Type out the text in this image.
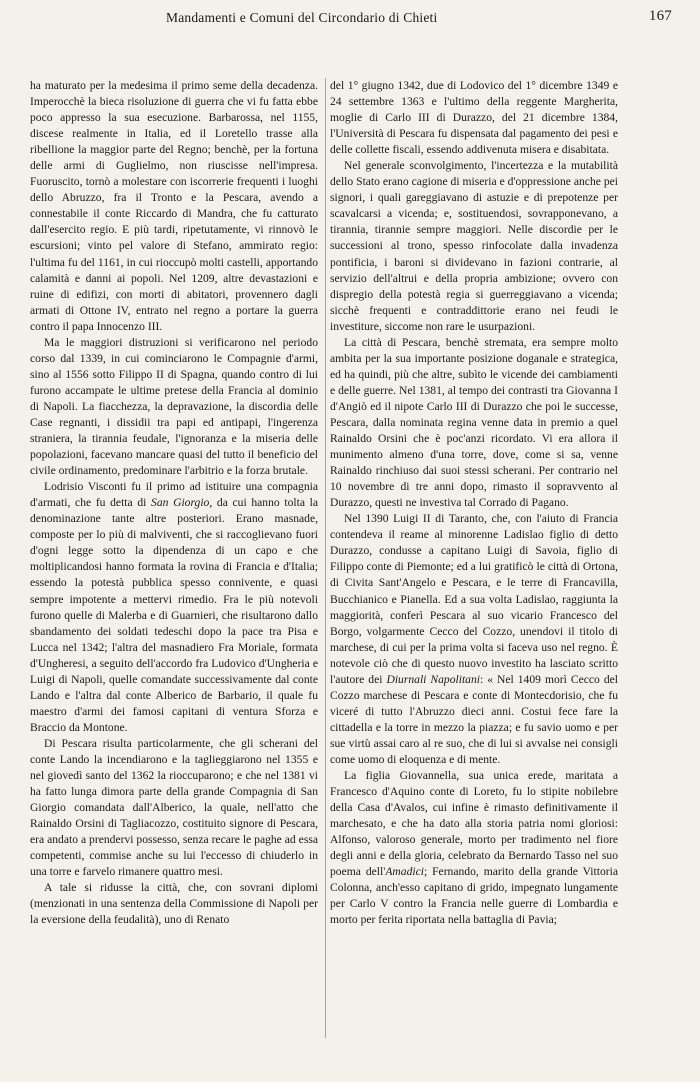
Mandamenti e Comuni del Circondario di Chieti	167

ha maturato per la medesima il primo seme della decadenza. Imperocchè la bieca risoluzione di guerra che vi fu fatta ebbe poco appresso la sua esecuzione. Barbarossa, nel 1155, discese realmente in Italia, ed il Loretello trasse alla ribellione la maggior parte del Regno; benchè, per la fortuna delle armi di Guglielmo, non riuscisse nell'impresa. Fuoruscito, tornò a molestare con iscorrerie frequenti i luoghi dello Abruzzo, fra il Tronto e la Pescara, avendo a connestabile il conte Riccardo di Mandra, che fu catturato dall'esercito regio. E più tardi, ripetutamente, vi rinnovò le escursioni; vinto pel valore di Stefano, ammirato regio: l'ultima fu del 1161, in cui rioccupò molti castelli, apportando calamità e danni ai popoli. Nel 1209, altre devastazioni e ruine di edifizi, con morti di abitatori, provennero dagli armati di Ottone IV, entrato nel regno a portare la guerra contro il papa Innocenzo III.

Ma le maggiori distruzioni si verificarono nel periodo corso dal 1339, in cui cominciarono le Compagnie d'armi, sino al 1556 sotto Filippo II di Spagna, quando contro di lui furono accampate le ultime pretese della Francia al dominio di Napoli. La fiacchezza, la depravazione, la discordia delle Case regnanti, i dissidii tra papi ed antipapi, l'ingerenza straniera, la tirannia feudale, l'ignoranza e la miseria delle popolazioni, facevano mancare quasi del tutto il beneficio del civile ordinamento, predominare l'arbitrio e la forza brutale.

Lodrisio Visconti fu il primo ad istituire una compagnia d'armati, che fu detta di San Giorgio, da cui hanno tolta la denominazione tante altre posteriori. Erano masnade, composte per lo più di malviventi, che si raccoglievano fuori d'ogni legge sotto la dipendenza di un capo e che moltiplicandosi hanno formata la rovina di Francia e d'Italia; essendo la potestà pubblica spesso connivente, e quasi sempre impotente a mettervi rimedio. Fra le più notevoli furono quelle di Malerba e di Guarnieri, che risultarono dallo sbandamento dei soldati tedeschi dopo la pace tra Pisa e Lucca nel 1342; l'altra del masnadiero Fra Moriale, formata d'Ungheresi, a seguito dell'accordo fra Ludovico d'Ungheria e Luigi di Napoli, quelle comandate successivamente dal conte Lando e l'altra dal conte Alberico de Barbario, il quale fu maestro d'armi dei famosi capitani di ventura Sforza e Braccio da Montone.

Di Pescara risulta particolarmente, che gli scherani del conte Lando la incendiarono e la taglieggiarono nel 1355 e nel giovedì santo del 1362 la rioccuparono; e che nel 1381 vi ha fatto lunga dimora parte della grande Compagnia di San Giorgio comandata dall'Alberico, la quale, nell'atto che Rainaldo Orsini di Tagliacozzo, costituito signore di Pescara, era andato a prendervi possesso, senza recare le paghe ad essa competenti, commise anche su lui l'eccesso di chiuderlo in una torre e farvelo rimanere quattro mesi.

A tale si ridusse la città, che, con sovrani diplomi (menzionati in una sentenza della Commissione di Napoli per la eversione della feudalità), uno di Renato

del 1° giugno 1342, due di Lodovico del 1° dicembre 1349 e 24 settembre 1363 e l'ultimo della reggente Margherita, moglie di Carlo III di Durazzo, del 21 dicembre 1384, l'Università di Pescara fu dispensata dal pagamento dei pesi e delle collette fiscali, essendo addivenuta misera e disabitata.

Nel generale sconvolgimento, l'incertezza e la mutabilità dello Stato erano cagione di miseria e d'oppressione anche pei signori, i quali gareggiavano di astuzie e di prepotenze per scavalcarsi a vicenda; e, sostituendosi, sovrapponevano, a tirannia, tirannie sempre maggiori. Nelle discordie per le successioni al trono, spesso rinfocolate dalla invadenza pontificia, i baroni si dividevano in fazioni contrarie, al servizio dell'altrui e della propria ambizione; ovvero con dispregio della potestà regia si guerreggiavano a vicenda; sicchè frequenti e contraddittorie erano nei feudi le investiture, siccome non rare le usurpazioni.

La città di Pescara, benchè stremata, era sempre molto ambita per la sua importante posizione doganale e strategica, ed ha quindi, più che altre, subìto le vicende dei cambiamenti e delle guerre. Nel 1381, al tempo dei contrasti tra Giovanna I d'Angiò ed il nipote Carlo III di Durazzo che poi le successe, Pescara, dalla nominata regina venne data in premio a quel Rainaldo Orsini che è poc'anzi ricordato. Vi era allora il munimento almeno d'una torre, dove, come si sa, venne Rainaldo rinchiuso dai suoi stessi scherani. Per contrario nel 10 novembre di tre anni dopo, rimasto il sopravvento al Durazzo, questi ne investiva tal Corrado di Pagano.

Nel 1390 Luigi II di Taranto, che, con l'aiuto di Francia contendeva il reame al minorenne Ladislao figlio di detto Durazzo, condusse a capitano Luigi di Savoia, figlio di Filippo conte di Piemonte; ed a lui gratificò le città di Ortona, di Civita Sant'Angelo e Pescara, e le terre di Francavilla, Bucchianico e Pianella. Ed a sua volta Ladislao, raggiunta la maggiorità, conferì Pescara al suo vicario Francesco del Borgo, volgarmente Cecco del Cozzo, unendovi il titolo di marchese, di cui per la prima volta si faceva uso nel regno. È notevole ciò che di questo nuovo investito ha lasciato scritto l'autore dei Diurnali Napolitani: « Nel 1409 morì Cecco del Cozzo marchese di Pescara e conte di Montecdorisio, che fu viceré di tutto l'Abruzzo dieci anni. Costui fece fare la cittadella e la torre in mezzo la piazza; e fu savio uomo e per sue virtù assai caro al re suo, che di lui si avvalse nei consigli come uomo di eloquenza e di mente.

La figlia Giovannella, sua unica erede, maritata a Francesco d'Aquino conte di Loreto, fu lo stipite nobilebre della Casa d'Avalos, cui infine è rimasto definitivamente il marchesato, e che ha dato alla storia patria nomi gloriosi: Alfonso, valoroso generale, morto per tradimento nel fiore degli anni e della gloria, celebrato da Bernardo Tasso nel suo poema dell'Amadici; Fernando, marito della grande Vittoria Colonna, anch'esso capitano di grido, impegnato lungamente per Carlo V contro la Francia nelle guerre di Lombardia e morto per ferita riportata nella battaglia di Pavia;
